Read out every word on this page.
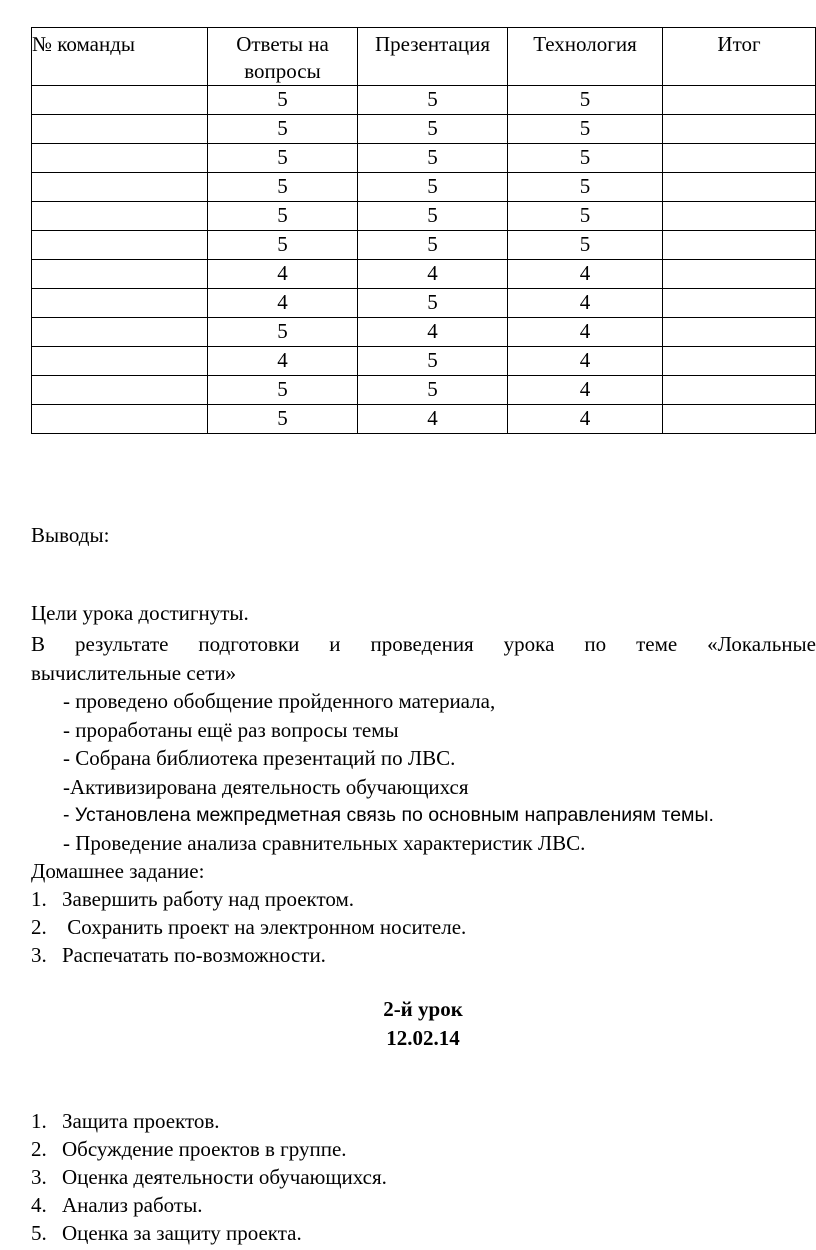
№ команды	Ответы на вопросы	Презентация	Технология	Итог
	5	5	5	
	5	5	5	
	5	5	5	
	5	5	5	
	5	5	5	
	5	5	5	
	4	4	4	
	4	5	4	
	5	4	4	
	4	5	4	
	5	5	4	
	5	4	4	
Выводы:
Цели урока достигнуты.
В результате подготовки и проведения урока по теме «Локальные
вычислительные сети»
- проведено обобщение пройденного материала,
- проработаны ещё раз вопросы темы
- Собрана библиотека презентаций по ЛВС.
-Активизирована деятельность обучающихся
- Установлена межпредметная связь по основным направлениям темы.
- Проведение анализа сравнительных характеристик ЛВС.
Домашнее задание:
1. Завершить работу над проектом.
2. Сохранить проект на электронном носителе.
3. Распечатать по-возможности.
2-й урок
12.02.14
1. Защита проектов.
2. Обсуждение проектов в группе.
3. Оценка деятельности обучающихся.
4. Анализ работы.
5. Оценка за защиту проекта.
